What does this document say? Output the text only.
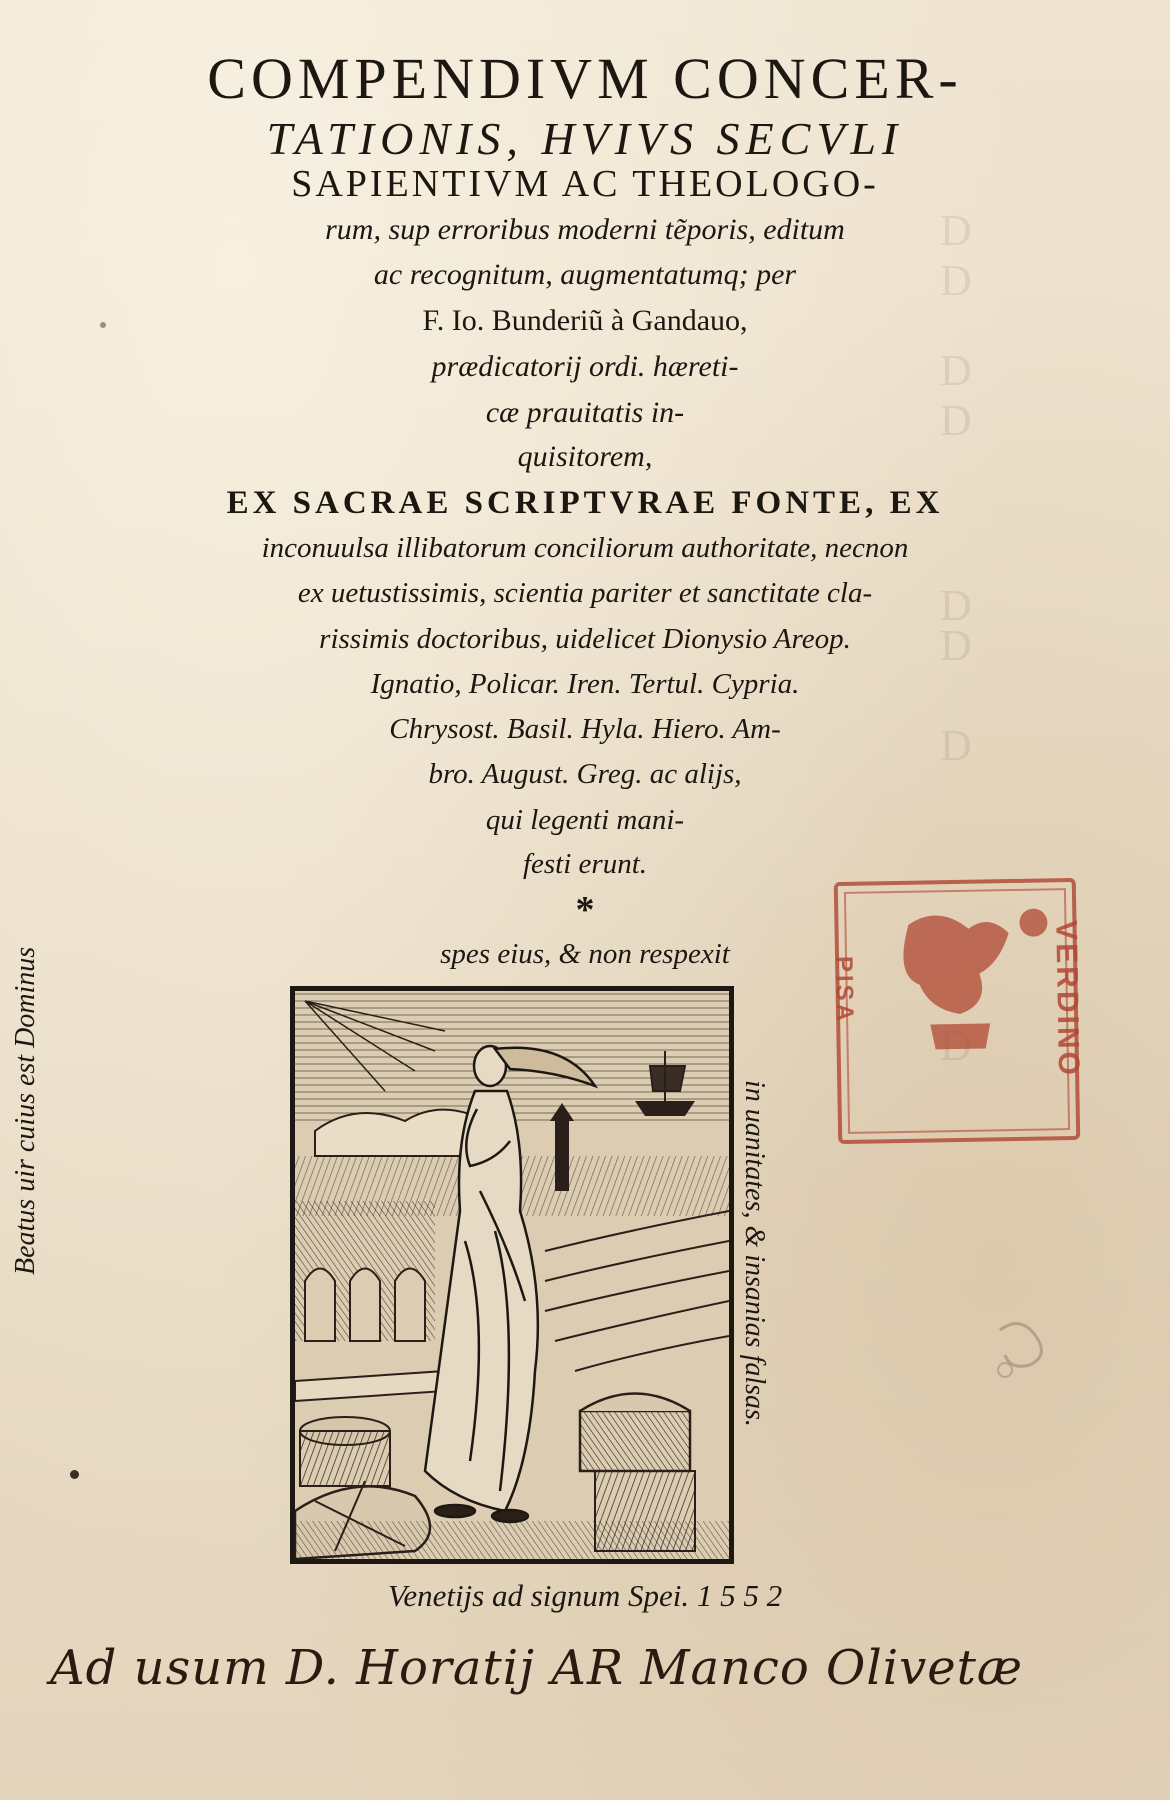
D
D
D
D
D
D
D
COMPENDIVM CONCER-
TATIONIS, HVIVS SECVLI
SAPIENTIVM AC THEOLOGO-
rum, sup erroribus moderni tẽporis, editum
ac recognitum, augmentatumq; per
F. Io. Bunderiũ à Gandauo,
prædicatorij ordi. hæreti-
cæ prauitatis in-
quisitorem,
EX SACRAE SCRIPTVRAE FONTE, EX
inconuulsa illibatorum conciliorum authoritate, necnon
ex uetustissimis, scientia pariter et sanctitate cla-
rissimis doctoribus, uidelicet Dionysio Areop.
Ignatio, Policar. Iren. Tertul. Cypria.
Chrysost. Basil. Hyla. Hiero. Am-
bro. August. Greg. ac alijs,
qui legenti mani-
festi erunt.
*
spes eius, & non respexit
Beatus uir cuius est Dominus	in uanitates, & insanias falsas.
Venetijs ad signum Spei. 1 5 5 2
Ad usum D. Horatij AR Manco Olivetæ
PISA	VERDINO
